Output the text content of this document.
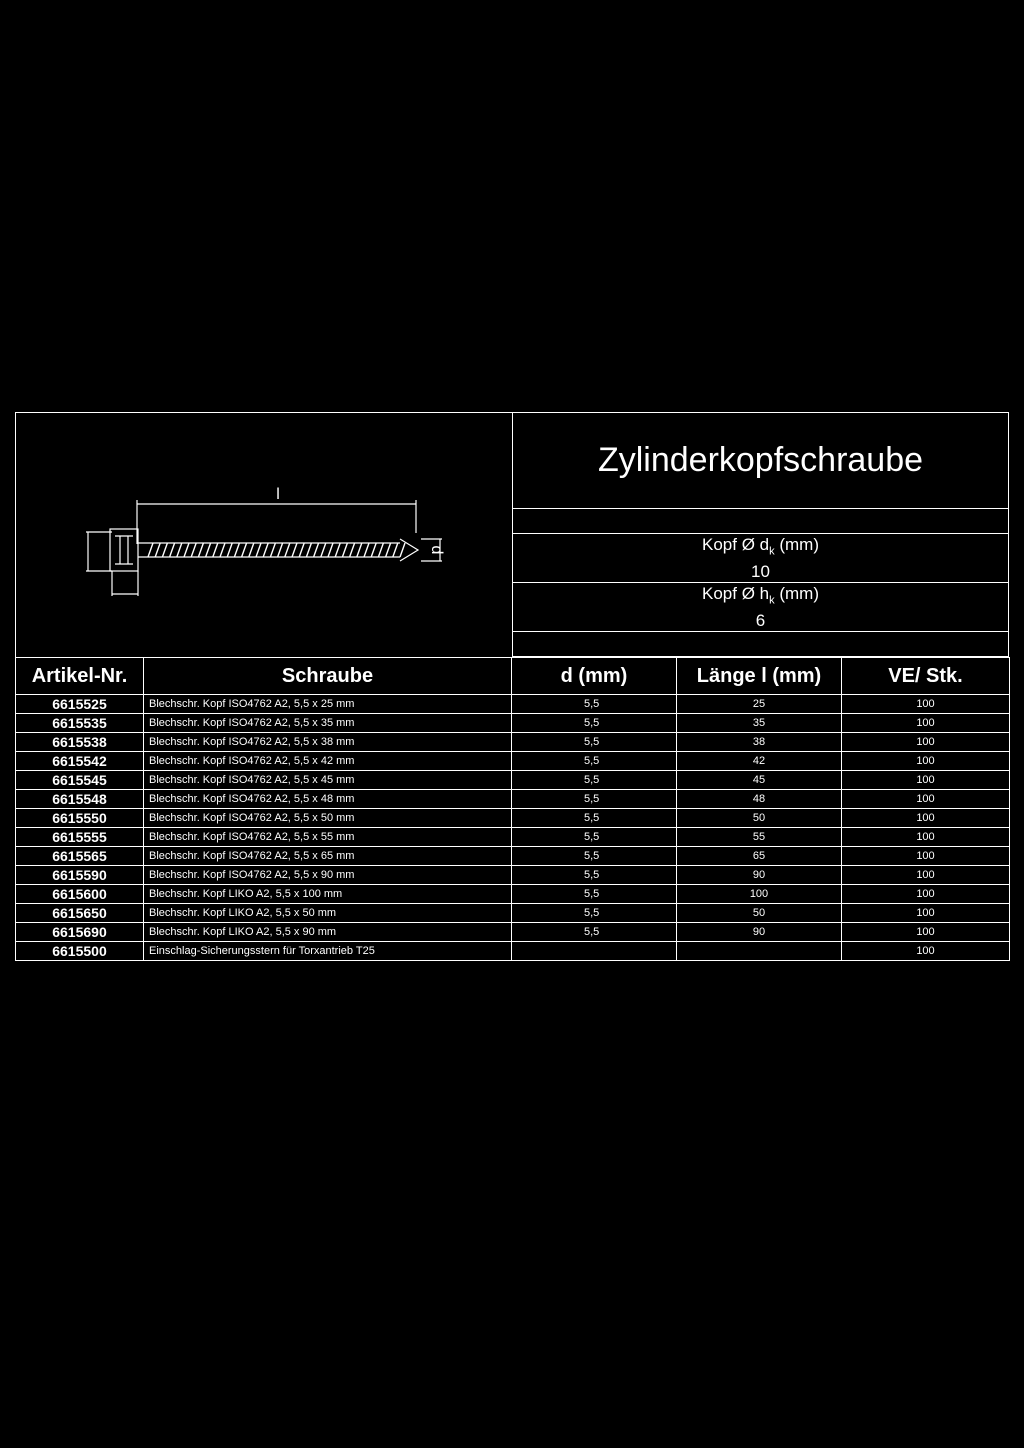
l
d
Zylinderkopfschraube
Kopf Ø $d_k$ (mm)
10
Kopf Ø $h_k$ (mm)
6
Artikel-Nr.	Schraube	d (mm)	Länge l (mm)	VE/ Stk.
6615525	Blechschr. Kopf ISO4762 A2, 5,5 x 25 mm	5,5	25	100
6615535	Blechschr. Kopf ISO4762 A2, 5,5 x 35 mm	5,5	35	100
6615538	Blechschr. Kopf ISO4762 A2, 5,5 x 38 mm	5,5	38	100
6615542	Blechschr. Kopf ISO4762 A2, 5,5 x 42 mm	5,5	42	100
6615545	Blechschr. Kopf ISO4762 A2, 5,5 x 45 mm	5,5	45	100
6615548	Blechschr. Kopf ISO4762 A2, 5,5 x 48 mm	5,5	48	100
6615550	Blechschr. Kopf ISO4762 A2, 5,5 x 50 mm	5,5	50	100
6615555	Blechschr. Kopf ISO4762 A2, 5,5 x 55 mm	5,5	55	100
6615565	Blechschr. Kopf ISO4762 A2, 5,5 x 65 mm	5,5	65	100
6615590	Blechschr. Kopf ISO4762 A2, 5,5 x 90 mm	5,5	90	100
6615600	Blechschr. Kopf LIKO A2, 5,5 x 100 mm	5,5	100	100
6615650	Blechschr. Kopf LIKO A2, 5,5 x 50 mm	5,5	50	100
6615690	Blechschr. Kopf LIKO A2, 5,5 x 90 mm	5,5	90	100
6615500	Einschlag-Sicherungsstern für Torxantrieb T25			100
